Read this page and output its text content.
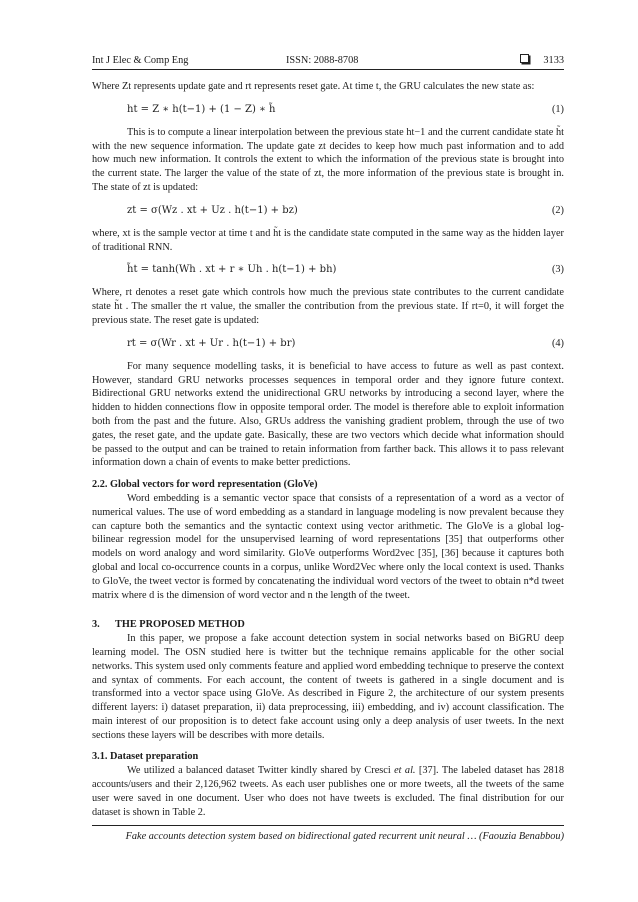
Int J Elec & Comp Eng	ISSN: 2088-8708	3133

Where Zt represents update gate and rt represents reset gate. At time t, the GRU calculates the new state as:

ht = Z ∗ h(t−1) + (1 − Z) ∗ h̃	(1)

This is to compute a linear interpolation between the previous state ht−1 and the current candidate state h̃t with the new sequence information. The update gate zt decides to keep how much past information and to add how much new information. It controls the extent to which the information of the previous state is brought into the current state. The larger the value of the state of zt, the more information of the previous state is brought in. The state of zt is updated:

zt = σ(Wz . xt + Uz . h(t−1) + bz)	(2)

where, xt is the sample vector at time t and h̃t is the candidate state computed in the same way as the hidden layer of traditional RNN.

h̃t = tanh(Wh . xt + r ∗ Uh . h(t−1) + bh)	(3)

Where, rt denotes a reset gate which controls how much the previous state contributes to the current candidate state h̃t . The smaller the rt value, the smaller the contribution from the previous state. If rt=0, it will forget the previous state. The reset gate is updated:

rt = σ(Wr . xt + Ur . h(t−1) + br)	(4)

For many sequence modelling tasks, it is beneficial to have access to future as well as past context. However, standard GRU networks processes sequences in temporal order and they ignore future context. Bidirectional GRU networks extend the unidirectional GRU networks by introducing a second layer, where the hidden to hidden connections flow in opposite temporal order. The model is therefore able to exploit information both from the past and the future. Also, GRUs address the vanishing gradient problem, through the use of two gates, the reset gate, and the update gate. Basically, these are two vectors which decide what information should be passed to the output and can be trained to retain information from farther back. This allows it to pass relevant information down a chain of events to make better predictions.

2.2. Global vectors for word representation (GloVe)

Word embedding is a semantic vector space that consists of a representation of a word as a vector of numerical values. The use of word embedding as a standard in language modeling is now prevalent because they can capture both the semantics and the syntactic context using vector arithmetic. The GloVe is a global log-bilinear regression model for the unsupervised learning of word representations [35] that outperforms other models on word analogy and word similarity. GloVe outperforms Word2vec [35], [36] because it captures both global and local co-occurrence counts in a corpus, unlike Word2Vec where only the local context is used. Thanks to GloVe, the tweet vector is formed by concatenating the individual word vectors of the tweet to obtain n*d tweet matrix where d is the dimension of word vector and n the length of the tweet.

3.      THE PROPOSED METHOD

In this paper, we propose a fake account detection system in social networks based on BiGRU deep learning model. The OSN studied here is twitter but the technique remains applicable for the other social networks. This system used only comments feature and applied word embedding technique to preserve the context and syntax of comments. For each account, the content of tweets is gathered in a single document and is transformed into a vector space using GloVe. As described in Figure 2, the architecture of our system presents different layers: i) dataset preparation, ii) data preprocessing, iii) embedding, and iv) account classification. The main interest of our proposition is to detect fake account using only a deep analysis of user tweets. In the next sections these layers will be describes with more details.

3.1. Dataset preparation

We utilized a balanced dataset Twitter kindly shared by Cresci et al. [37]. The labeled dataset has 2818 accounts/users and their 2,126,962 tweets. As each user publishes one or more tweets, all the tweets of the same user were saved in one document. User who does not have tweets is excluded. The final distribution for our dataset is shown in Table 2.

Fake accounts detection system based on bidirectional gated recurrent unit neural … (Faouzia Benabbou)
